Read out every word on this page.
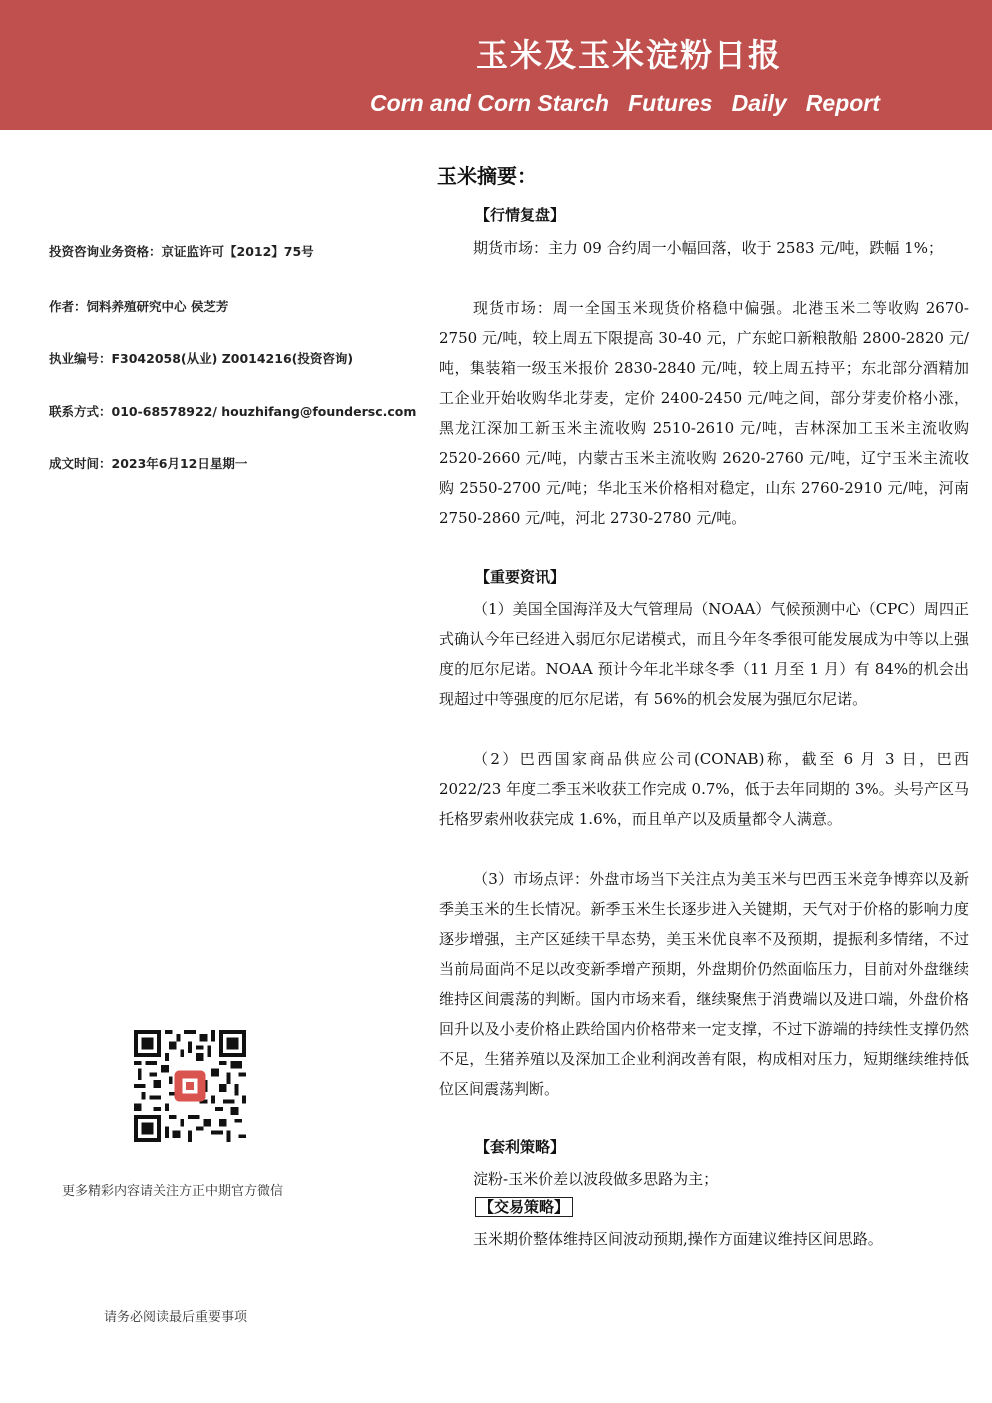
玉米及玉米淀粉日报
Corn and Corn Starch   Futures   Daily   Report
投资咨询业务资格：京证监许可【2012】75号
作者：饲料养殖研究中心 侯芝芳
执业编号：F3042058(从业) Z0014216(投资咨询)
联系方式：010-68578922/ houzhifang@foundersc.com
成文时间：2023年6月12日星期一
更多精彩内容请关注方正中期官方微信
请务必阅读最后重要事项
玉米摘要：
【行情复盘】
期货市场：主力 09 合约周一小幅回落，收于 2583 元/吨，跌幅 1%；
现货市场：周一全国玉米现货价格稳中偏强。北港玉米二等收购 2670-2750 元/吨，较上周五下限提高 30-40 元，广东蛇口新粮散船 2800-2820 元/吨，集装箱一级玉米报价 2830-2840 元/吨，较上周五持平；东北部分酒精加工企业开始收购华北芽麦，定价 2400-2450 元/吨之间，部分芽麦价格小涨，黑龙江深加工新玉米主流收购 2510-2610 元/吨，吉林深加工玉米主流收购 2520-2660 元/吨，内蒙古玉米主流收购 2620-2760 元/吨，辽宁玉米主流收购 2550-2700 元/吨；华北玉米价格相对稳定，山东 2760-2910 元/吨，河南 2750-2860 元/吨，河北 2730-2780 元/吨。
【重要资讯】
（1）美国全国海洋及大气管理局（NOAA）气候预测中心（CPC）周四正式确认今年已经进入弱厄尔尼诺模式，而且今年冬季很可能发展成为中等以上强度的厄尔尼诺。NOAA 预计今年北半球冬季（11 月至 1 月）有 84%的机会出现超过中等强度的厄尔尼诺，有 56%的机会发展为强厄尔尼诺。
（2）巴西国家商品供应公司(CONAB)称，截至 6 月 3 日，巴西 2022/23 年度二季玉米收获工作完成 0.7%，低于去年同期的 3%。头号产区马托格罗索州收获完成 1.6%，而且单产以及质量都令人满意。
（3）市场点评：外盘市场当下关注点为美玉米与巴西玉米竞争博弈以及新季美玉米的生长情况。新季玉米生长逐步进入关键期，天气对于价格的影响力度逐步增强，主产区延续干旱态势，美玉米优良率不及预期，提振利多情绪，不过当前局面尚不足以改变新季增产预期，外盘期价仍然面临压力，目前对外盘继续维持区间震荡的判断。国内市场来看，继续聚焦于消费端以及进口端，外盘价格回升以及小麦价格止跌给国内价格带来一定支撑，不过下游端的持续性支撑仍然不足，生猪养殖以及深加工企业利润改善有限，构成相对压力，短期继续维持低位区间震荡判断。
【套利策略】
淀粉-玉米价差以波段做多思路为主；
【交易策略】
玉米期价整体维持区间波动预期,操作方面建议维持区间思路。
